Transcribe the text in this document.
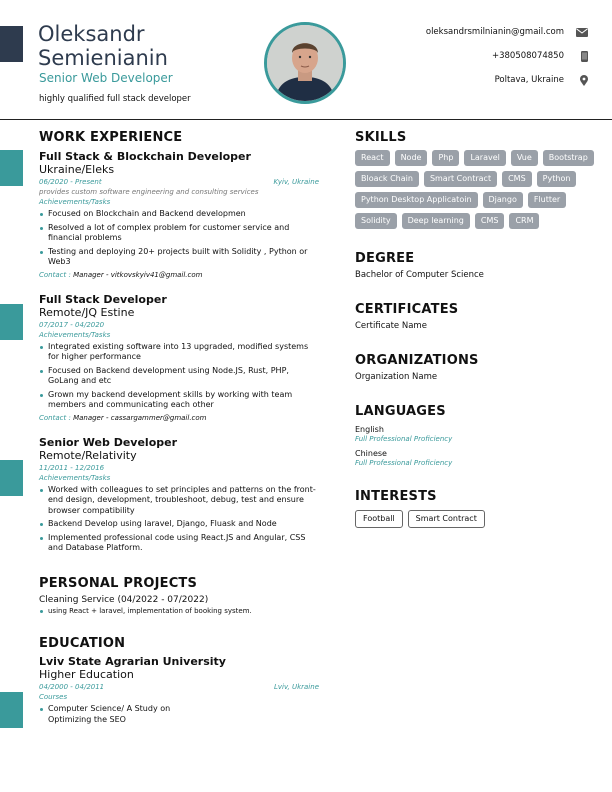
Oleksandr
Semienianin
Senior Web Developer
highly qualified full stack developer
oleksandrsmilnianin@gmail.com
+380508074850
Poltava, Ukraine
WORK EXPERIENCE
Full Stack & Blockchain Developer
Ukraine/Eleks
06/2020 - Present	Kyiv, Ukraine
provides custom software engineering and consulting services
Achievements/Tasks
Focused on Blockchain and Backend developmen
Resolved a lot of complex problem for customer service and financial problems
Testing and deploying 20+ projects built with Solidity , Python or Web3
Contact : Manager - vitkovskyiv41@gmail.com
Full Stack Developer
Remote/JQ Estine
07/2017 - 04/2020
Achievements/Tasks
Integrated existing software into 13 upgraded, modified systems for higher performance
Focused on Backend development using Node.JS, Rust, PHP, GoLang and etc
Grown my backend development skills by working with team members and communicating each other
Contact : Manager - cassargammer@gmail.com
Senior Web Developer
Remote/Relativity
11/2011 - 12/2016
Achievements/Tasks
Worked with colleagues to set principles and patterns on the front-end design, development, troubleshoot, debug, test and ensure browser compatibility
Backend Develop using laravel, Django, Fluask and Node
Implemented professional code using React.JS and Angular, CSS and Database Platform.
PERSONAL PROJECTS
Cleaning Service (04/2022 - 07/2022)
using React + laravel, implementation of booking system.
EDUCATION
Lviv State Agrarian University
Higher Education
04/2000 - 04/2011	Lviv, Ukraine
Courses
Computer Science/ A Study on Optimizing the SEO
SKILLS
React	Node	Php	Laravel	Vue	Bootstrap
Bloack Chain	Smart Contract	CMS	Python
Python Desktop Applicatoin	Django	Flutter
Solidity	Deep learning	CMS	CRM
DEGREE
Bachelor of Computer Science
CERTIFICATES
Certificate Name
ORGANIZATIONS
Organization Name
LANGUAGES
English
Full Professional Proficiency
Chinese
Full Professional Proficiency
INTERESTS
Football	Smart Contract
